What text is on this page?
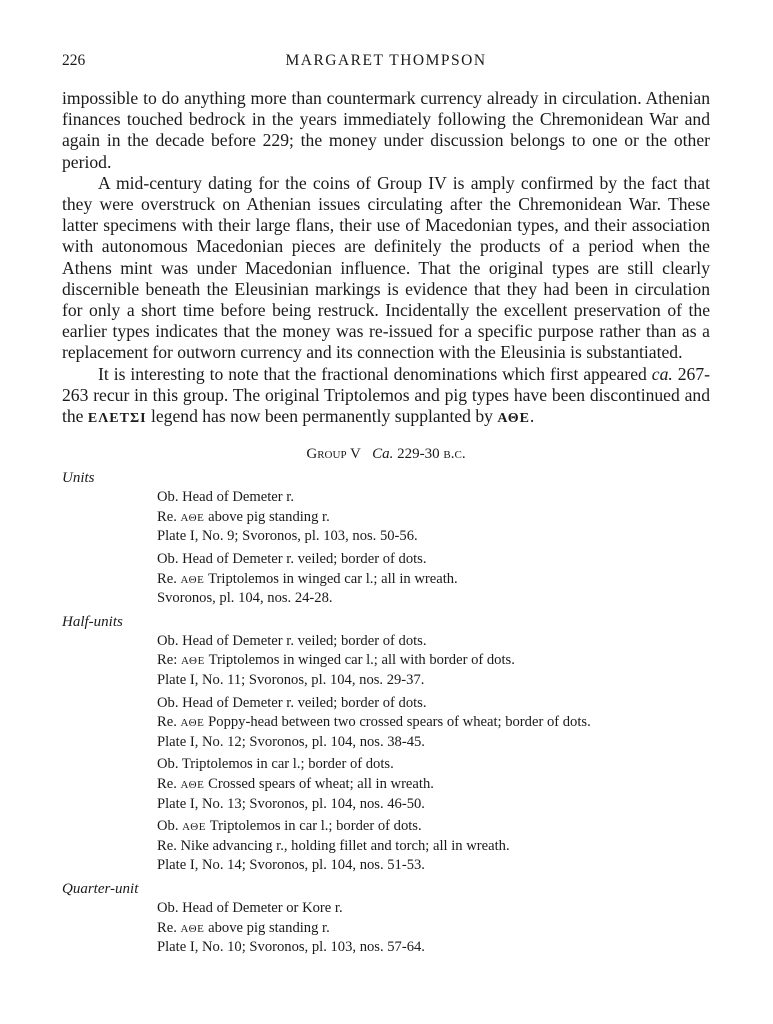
226	MARGARET THOMPSON

impossible to do anything more than countermark currency already in circulation. Athenian finances touched bedrock in the years immediately following the Chremonidean War and again in the decade before 229; the money under discussion belongs to one or the other period.

A mid-century dating for the coins of Group IV is amply confirmed by the fact that they were overstruck on Athenian issues circulating after the Chremonidean War. These latter specimens with their large flans, their use of Macedonian types, and their association with autonomous Macedonian pieces are definitely the products of a period when the Athens mint was under Macedonian influence. That the original types are still clearly discernible beneath the Eleusinian markings is evidence that they had been in circulation for only a short time before being restruck. Incidentally the excellent preservation of the earlier types indicates that the money was re-issued for a specific purpose rather than as a replacement for outworn currency and its connection with the Eleusinia is substantiated.

It is interesting to note that the fractional denominations which first appeared ca. 267-263 recur in this group. The original Triptolemos and pig types have been discontinued and the ΕΛΕΤΣΙ legend has now been permanently supplanted by ΑΘΕ.

Group V Ca. 229-30 b.c.
Units
Ob. Head of Demeter r.
Re. ΑΘΕ above pig standing r.
Plate I, No. 9; Svoronos, pl. 103, nos. 50-56.
Ob. Head of Demeter r. veiled; border of dots.
Re. ΑΘΕ Triptolemos in winged car l.; all in wreath.
Svoronos, pl. 104, nos. 24-28.
Half-units
Ob. Head of Demeter r. veiled; border of dots.
Re: ΑΘΕ Triptolemos in winged car l.; all with border of dots.
Plate I, No. 11; Svoronos, pl. 104, nos. 29-37.
Ob. Head of Demeter r. veiled; border of dots.
Re. ΑΘΕ Poppy-head between two crossed spears of wheat; border of dots.
Plate I, No. 12; Svoronos, pl. 104, nos. 38-45.
Ob. Triptolemos in car l.; border of dots.
Re. ΑΘΕ Crossed spears of wheat; all in wreath.
Plate I, No. 13; Svoronos, pl. 104, nos. 46-50.
Ob. ΑΘΕ Triptolemos in car l.; border of dots.
Re. Nike advancing r., holding fillet and torch; all in wreath.
Plate I, No. 14; Svoronos, pl. 104, nos. 51-53.
Quarter-unit
Ob. Head of Demeter or Kore r.
Re. ΑΘΕ above pig standing r.
Plate I, No. 10; Svoronos, pl. 103, nos. 57-64.
